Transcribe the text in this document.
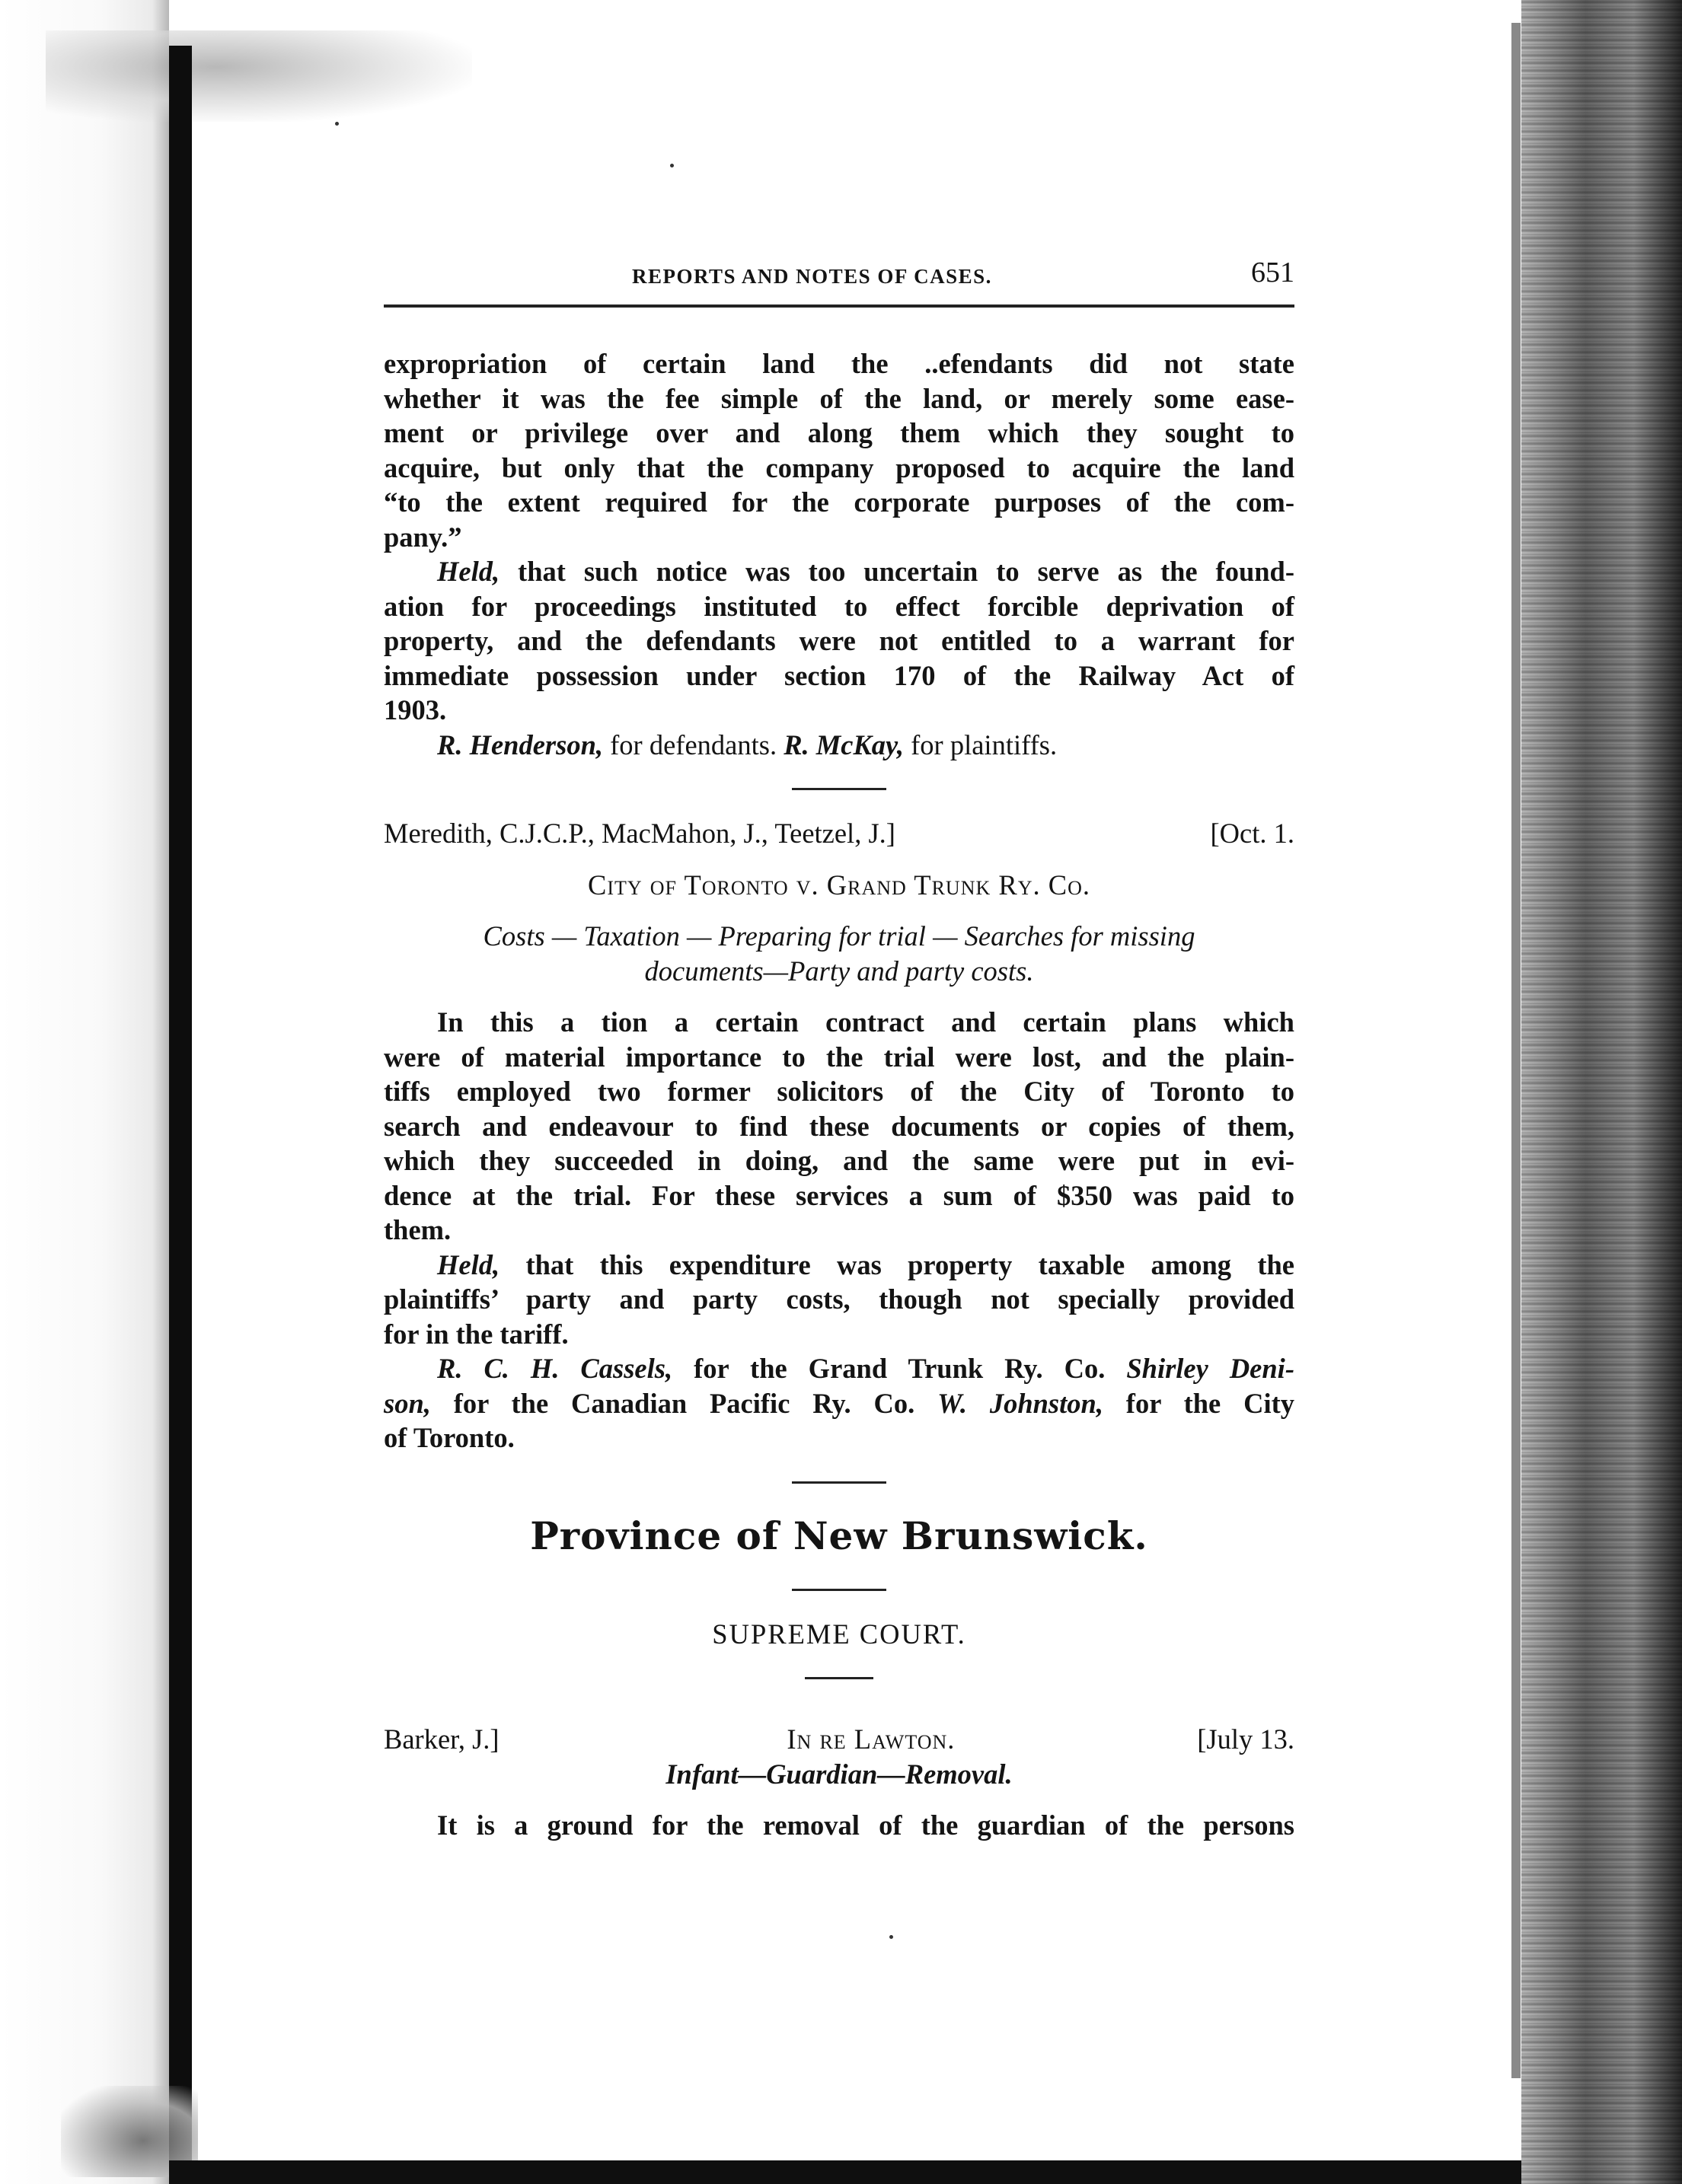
REPORTS AND NOTES OF CASES.	651
expropriation of certain land the ..efendants did not state
whether it was the fee simple of the land, or merely some ease-
ment or privilege over and along them which they sought to
acquire, but only that the company proposed to acquire the land
“to the extent required for the corporate purposes of the com-
pany.”
Held, that such notice was too uncertain to serve as the found-
ation for proceedings instituted to effect forcible deprivation of
property, and the defendants were not entitled to a warrant for
immediate possession under section 170 of the Railway Act of
1903.
R. Henderson, for defendants. R. McKay, for plaintiffs.
Meredith, C.J.C.P., MacMahon, J., Teetzel, J.]	[Oct. 1.
City of Toronto v. Grand Trunk Ry. Co.
Costs — Taxation — Preparing for trial — Searches for missing
documents—Party and party costs.
In this a tion a certain contract and certain plans which
were of material importance to the trial were lost, and the plain-
tiffs employed two former solicitors of the City of Toronto to
search and endeavour to find these documents or copies of them,
which they succeeded in doing, and the same were put in evi-
dence at the trial. For these services a sum of $350 was paid to
them.
Held, that this expenditure was property taxable among the
plaintiffs’ party and party costs, though not specially provided
for in the tariff.
R. C. H. Cassels, for the Grand Trunk Ry. Co. Shirley Deni-
son, for the Canadian Pacific Ry. Co. W. Johnston, for the City
of Toronto.
Province of New Brunswick.
SUPREME COURT.
Barker, J.]	In re Lawton.	[July 13.
Infant—Guardian—Removal.
It is a ground for the removal of the guardian of the persons
